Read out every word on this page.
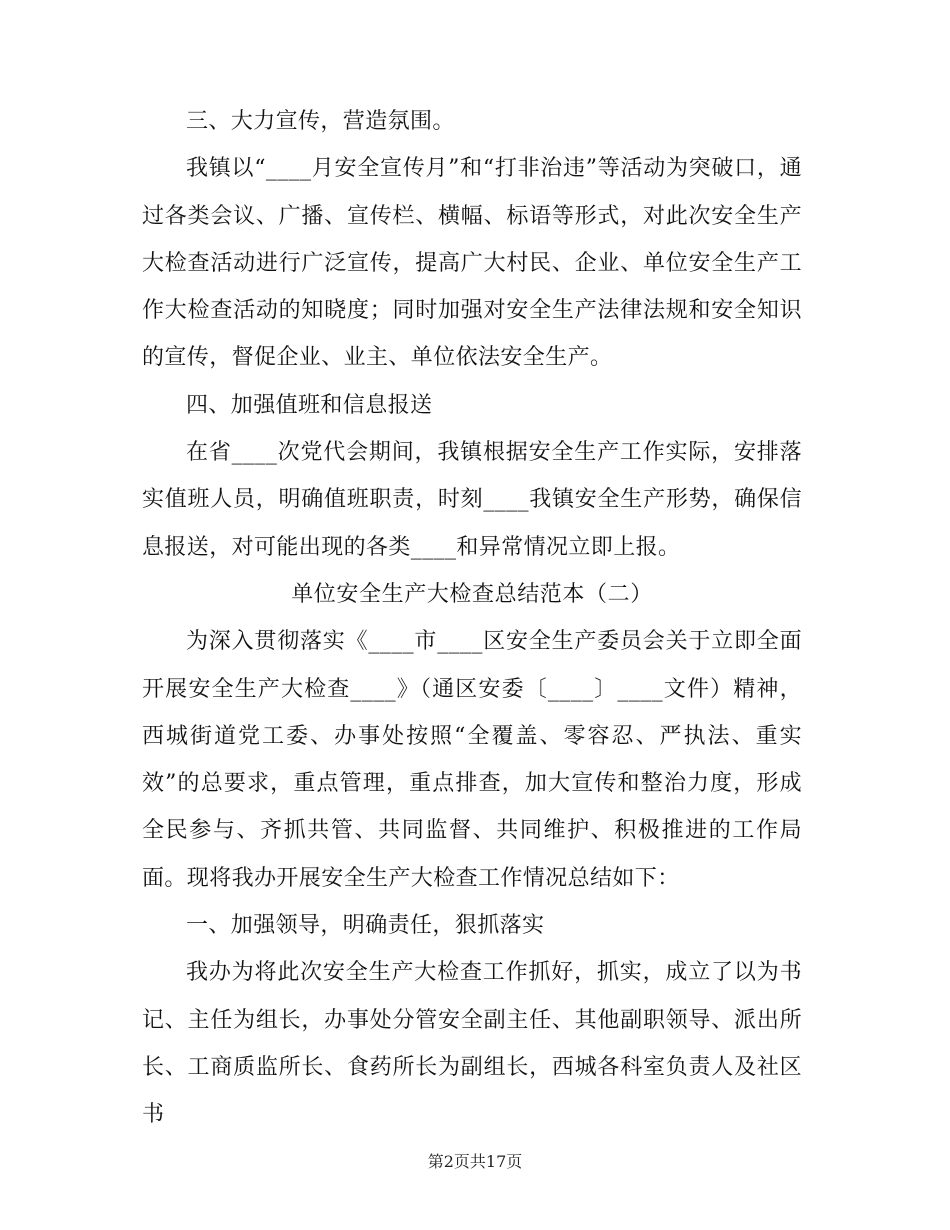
三、大力宣传，营造氛围。

我镇以“____月安全宣传月”和“打非治违”等活动为突破口，通过各类会议、广播、宣传栏、横幅、标语等形式，对此次安全生产大检查活动进行广泛宣传，提高广大村民、企业、单位安全生产工作大检查活动的知晓度；同时加强对安全生产法律法规和安全知识的宣传，督促企业、业主、单位依法安全生产。

四、加强值班和信息报送

在省____次党代会期间，我镇根据安全生产工作实际，安排落实值班人员，明确值班职责，时刻____我镇安全生产形势，确保信息报送，对可能出现的各类____和异常情况立即上报。

单位安全生产大检查总结范本（二）

为深入贯彻落实《____市____区安全生产委员会关于立即全面开展安全生产大检查____》（通区安委〔____〕____文件）精神，西城街道党工委、办事处按照“全覆盖、零容忍、严执法、重实效”的总要求，重点管理，重点排查，加大宣传和整治力度，形成全民参与、齐抓共管、共同监督、共同维护、积极推进的工作局面。现将我办开展安全生产大检查工作情况总结如下：

一、加强领导，明确责任，狠抓落实

我办为将此次安全生产大检查工作抓好，抓实，成立了以为书记、主任为组长，办事处分管安全副主任、其他副职领导、派出所长、工商质监所长、食药所长为副组长，西城各科室负责人及社区书

第2页共17页
